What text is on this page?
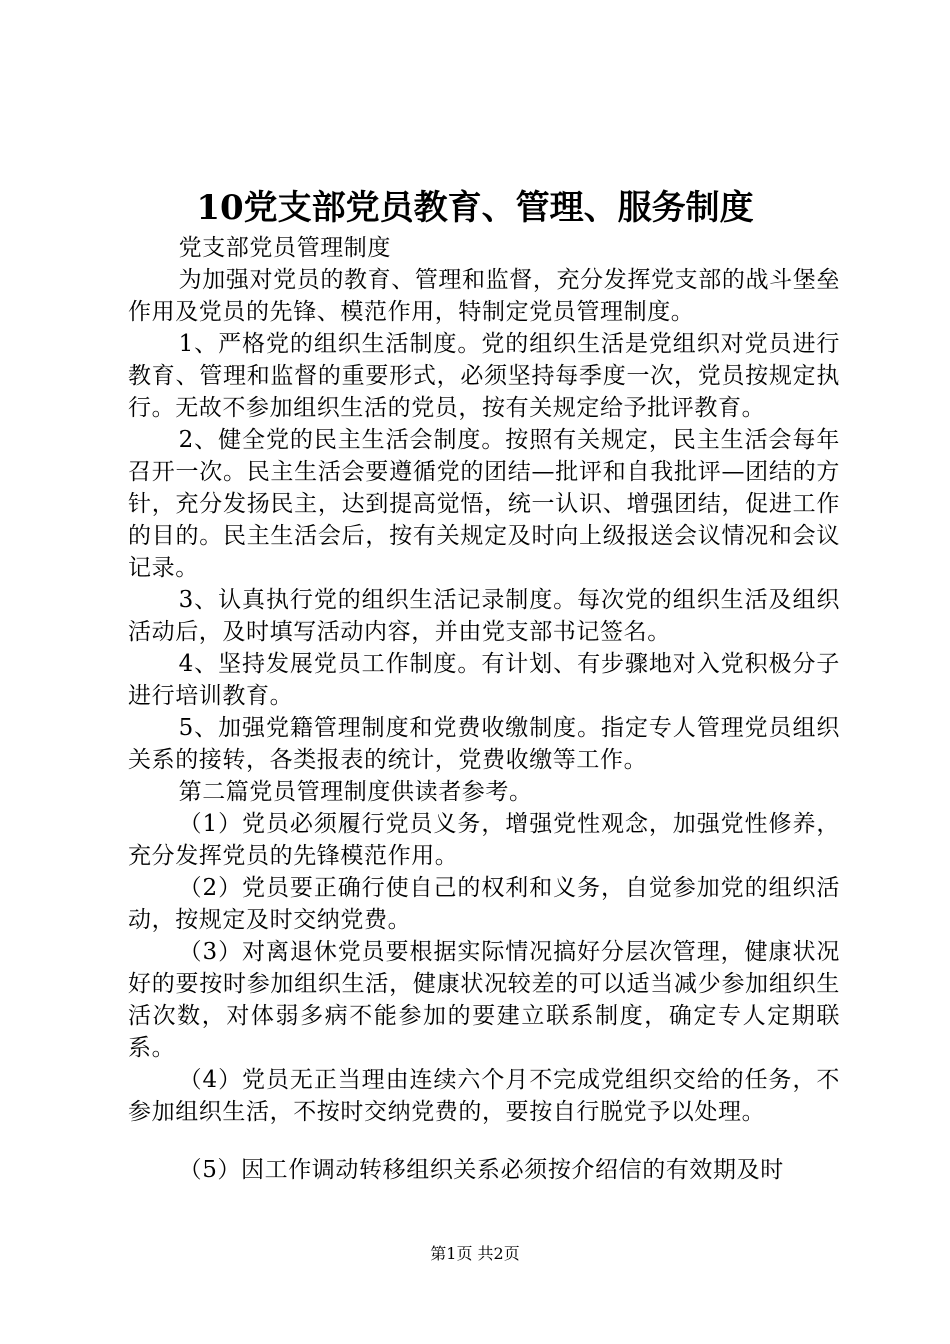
10党支部党员教育、管理、服务制度

党支部党员管理制度

为加强对党员的教育、管理和监督，充分发挥党支部的战斗堡垒作用及党员的先锋、模范作用，特制定党员管理制度。

1、严格党的组织生活制度。党的组织生活是党组织对党员进行教育、管理和监督的重要形式，必须坚持每季度一次，党员按规定执行。无故不参加组织生活的党员，按有关规定给予批评教育。

2、健全党的民主生活会制度。按照有关规定，民主生活会每年召开一次。民主生活会要遵循党的团结—批评和自我批评—团结的方针，充分发扬民主，达到提高觉悟，统一认识、增强团结，促进工作的目的。民主生活会后，按有关规定及时向上级报送会议情况和会议记录。

3、认真执行党的组织生活记录制度。每次党的组织生活及组织活动后，及时填写活动内容，并由党支部书记签名。

4、坚持发展党员工作制度。有计划、有步骤地对入党积极分子进行培训教育。

5、加强党籍管理制度和党费收缴制度。指定专人管理党员组织关系的接转，各类报表的统计，党费收缴等工作。

第二篇党员管理制度供读者参考。

（1）党员必须履行党员义务，增强党性观念，加强党性修养，充分发挥党员的先锋模范作用。

（2）党员要正确行使自己的权利和义务，自觉参加党的组织活动，按规定及时交纳党费。

（3）对离退休党员要根据实际情况搞好分层次管理，健康状况好的要按时参加组织生活，健康状况较差的可以适当减少参加组织生活次数，对体弱多病不能参加的要建立联系制度，确定专人定期联系。

（4）党员无正当理由连续六个月不完成党组织交给的任务，不参加组织生活，不按时交纳党费的，要按自行脱党予以处理。

（5）因工作调动转移组织关系必须按介绍信的有效期及时

第1页 共2页
